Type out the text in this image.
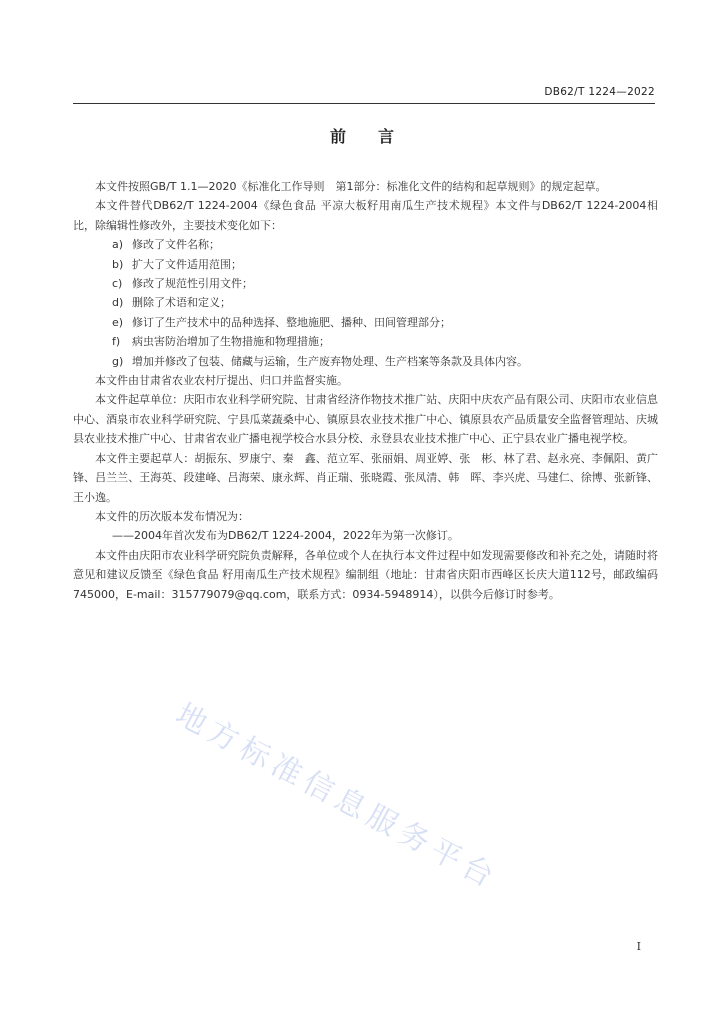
DB62/T 1224—2022
前　　言

本文件按照GB/T 1.1—2020《标准化工作导则　第1部分：标准化文件的结构和起草规则》的规定起草。

本文件替代DB62/T 1224-2004《绿色食品 平凉大板籽用南瓜生产技术规程》本文件与DB62/T 1224-2004相比，除编辑性修改外，主要技术变化如下：

a) 修改了文件名称；
b) 扩大了文件适用范围；
c) 修改了规范性引用文件；
d) 删除了术语和定义；
e) 修订了生产技术中的品种选择、整地施肥、播种、田间管理部分；
f)	病虫害防治增加了生物措施和物理措施；
g) 增加并修改了包装、储藏与运输，生产废弃物处理、生产档案等条款及具体内容。

本文件由甘肃省农业农村厅提出、归口并监督实施。

本文件起草单位：庆阳市农业科学研究院、甘肃省经济作物技术推广站、庆阳中庆农产品有限公司、庆阳市农业信息中心、酒泉市农业科学研究院、宁县瓜菜蔬桑中心、镇原县农业技术推广中心、镇原县农产品质量安全监督管理站、庆城县农业技术推广中心、甘肃省农业广播电视学校合水县分校、永登县农业技术推广中心、正宁县农业广播电视学校。

本文件主要起草人：胡振东、罗康宁、秦　鑫、范立军、张丽娟、周亚婷、张　彬、林了君、赵永亮、李佩阳、黄广锋、吕兰兰、王海英、段建峰、吕海荣、康永辉、肖正瑞、张晓霞、张凤清、韩　晖、李兴虎、马建仁、徐博、张新锋、王小逸。

本文件的历次版本发布情况为：

——2004年首次发布为DB62/T 1224-2004，2022年为第一次修订。

本文件由庆阳市农业科学研究院负责解释，各单位或个人在执行本文件过程中如发现需要修改和补充之处，请随时将意见和建议反馈至《绿色食品 籽用南瓜生产技术规程》编制组（地址：甘肃省庆阳市西峰区长庆大道112号，邮政编码 745000，E-mail：315779079@qq.com，联系方式：0934-5948914），以供今后修订时参考。

地方标准信息服务平台
I
